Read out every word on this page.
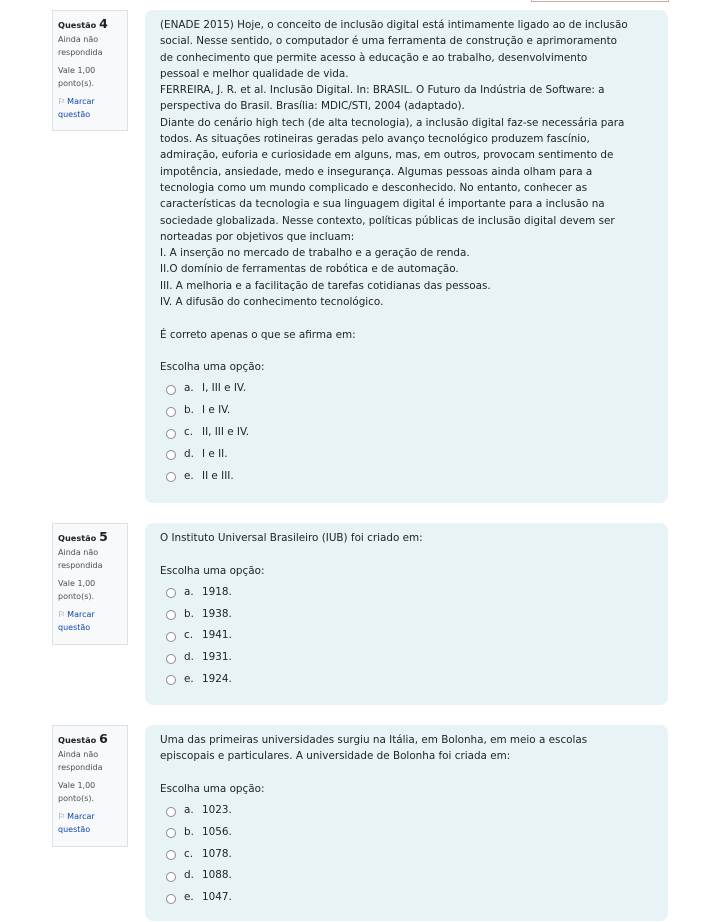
Questão 4
Ainda não respondida
Vale 1,00 ponto(s).
⚐ Marcar questão

(ENADE 2015) Hoje, o conceito de inclusão digital está intimamente ligado ao de inclusão

social. Nesse sentido, o computador é uma ferramenta de construção e aprimoramento

de conhecimento que permite acesso à educação e ao trabalho, desenvolvimento

pessoal e melhor qualidade de vida.

FERREIRA, J. R. et al. Inclusão Digital. In: BRASIL. O Futuro da Indústria de Software: a

perspectiva do Brasil. Brasília: MDIC/STI, 2004 (adaptado).

Diante do cenário high tech (de alta tecnologia), a inclusão digital faz-se necessária para

todos. As situações rotineiras geradas pelo avanço tecnológico produzem fascínio,

admiração, euforia e curiosidade em alguns, mas, em outros, provocam sentimento de

impotência, ansiedade, medo e insegurança. Algumas pessoas ainda olham para a

tecnologia como um mundo complicado e desconhecido. No entanto, conhecer as

características da tecnologia e sua linguagem digital é importante para a inclusão na

sociedade globalizada. Nesse contexto, políticas públicas de inclusão digital devem ser

norteadas por objetivos que incluam:

I. A inserção no mercado de trabalho e a geração de renda.

II.O domínio de ferramentas de robótica e de automação.

III. A melhoria e a facilitação de tarefas cotidianas das pessoas.

IV. A difusão do conhecimento tecnológico.

É correto apenas o que se afirma em:

Escolha uma opção:
a. I, III e IV.
b. I e IV.
c. II, III e IV.
d. I e II.
e. II e III.
Questão 5
Ainda não respondida
Vale 1,00 ponto(s).
⚐ Marcar questão

O Instituto Universal Brasileiro (IUB) foi criado em:

Escolha uma opção:
a. 1918.
b. 1938.
c. 1941.
d. 1931.
e. 1924.
Questão 6
Ainda não respondida
Vale 1,00 ponto(s).
⚐ Marcar questão

Uma das primeiras universidades surgiu na Itália, em Bolonha, em meio a escolas

episcopais e particulares. A universidade de Bolonha foi criada em:

Escolha uma opção:
a. 1023.
b. 1056.
c. 1078.
d. 1088.
e. 1047.
